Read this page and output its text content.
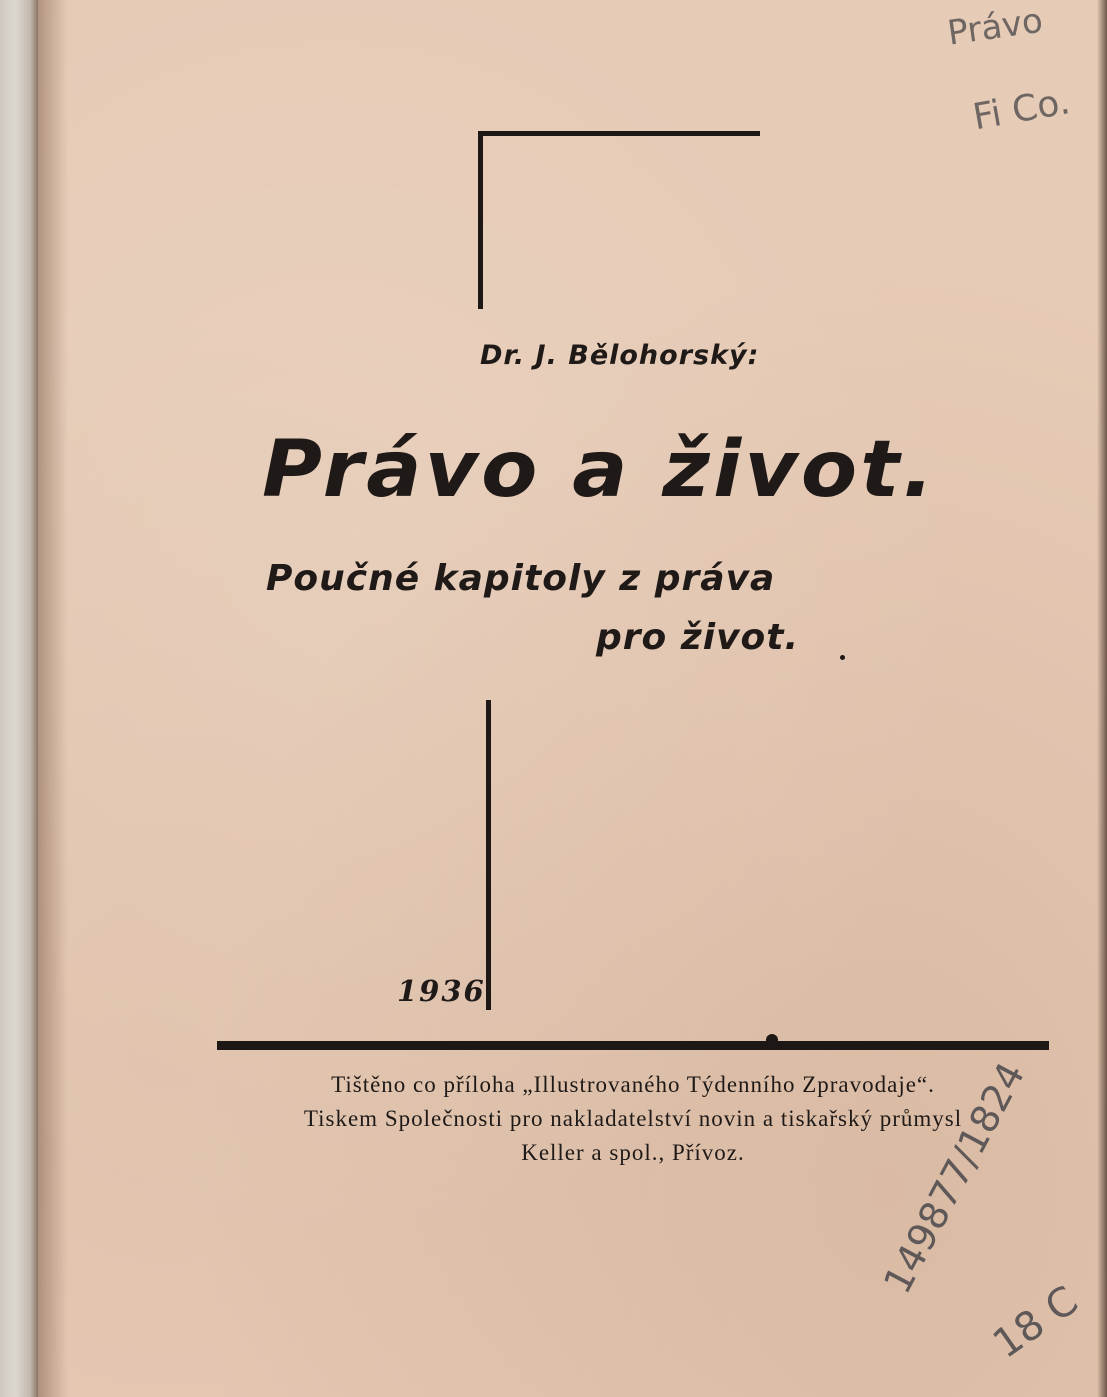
Dr. J. Bělohorský:

Právo a život.

Poučné kapitoly z práva

pro život.

1936

Tištěno co příloha „Illustrovaného Týdenního Zpravodaje“.
Tiskem Společnosti pro nakladatelství novin a tiskařský průmysl
Keller a spol., Přívoz.
Právo
Fi Co.
149877/1824
18 C
